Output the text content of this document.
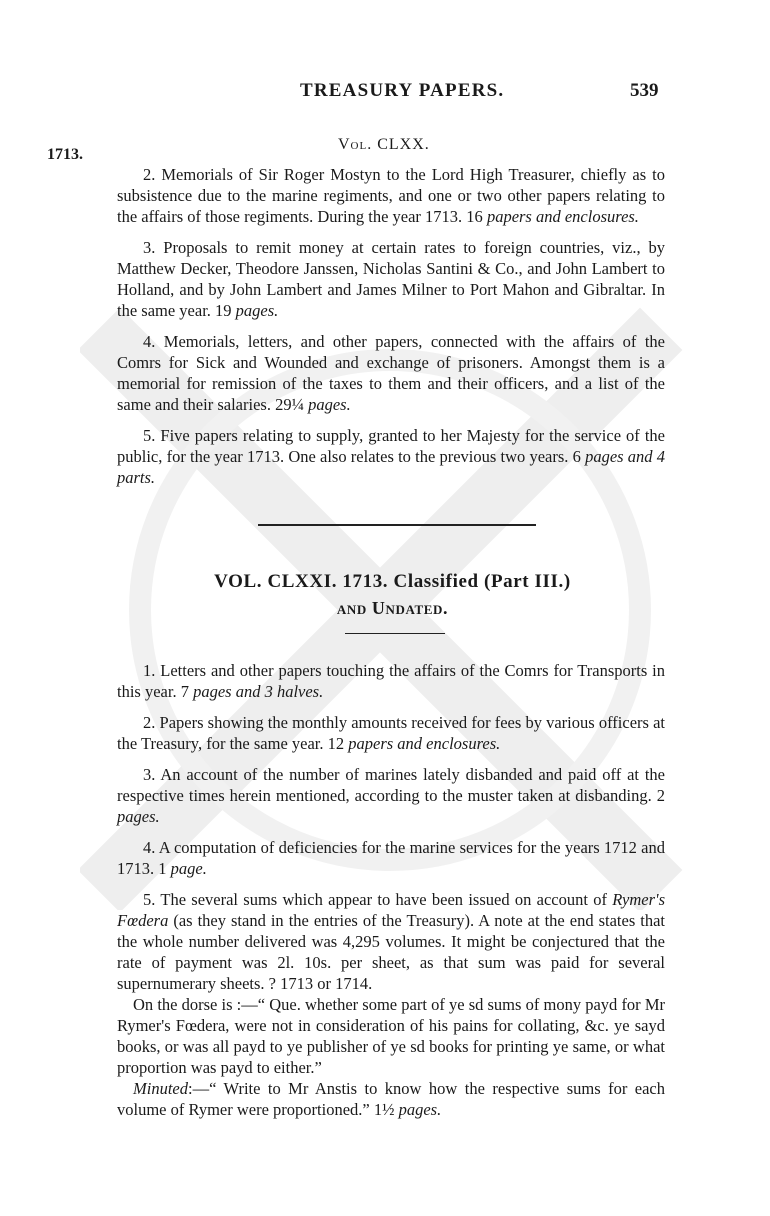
TREASURY PAPERS.	539
1713.
Vol. CLXX.

2. Memorials of Sir Roger Mostyn to the Lord High Treasurer, chiefly as to subsistence due to the marine regiments, and one or two other papers relating to the affairs of those regiments. During the year 1713. 16 papers and enclosures.

3. Proposals to remit money at certain rates to foreign countries, viz., by Matthew Decker, Theodore Janssen, Nicholas Santini & Co., and John Lambert to Holland, and by John Lambert and James Milner to Port Mahon and Gibraltar. In the same year. 19 pages.

4. Memorials, letters, and other papers, connected with the affairs of the Comrs for Sick and Wounded and exchange of prisoners. Amongst them is a memorial for remission of the taxes to them and their officers, and a list of the same and their salaries. 29¼ pages.

5. Five papers relating to supply, granted to her Majesty for the service of the public, for the year 1713. One also relates to the previous two years. 6 pages and 4 parts.

VOL. CLXXI. 1713. Classified (Part III.)
and Undated.

1. Letters and other papers touching the affairs of the Comrs for Transports in this year. 7 pages and 3 halves.

2. Papers showing the monthly amounts received for fees by various officers at the Treasury, for the same year. 12 papers and enclosures.

3. An account of the number of marines lately disbanded and paid off at the respective times herein mentioned, according to the muster taken at disbanding. 2 pages.

4. A computation of deficiencies for the marine services for the years 1712 and 1713. 1 page.

5. The several sums which appear to have been issued on account of Rymer's Fœdera (as they stand in the entries of the Treasury). A note at the end states that the whole number delivered was 4,295 volumes. It might be conjectured that the rate of payment was 2l. 10s. per sheet, as that sum was paid for several supernumerary sheets. ? 1713 or 1714.

On the dorse is :—“ Que. whether some part of ye sd sums of mony payd for Mr Rymer's Fœdera, were not in consideration of his pains for collating, &c. ye sayd books, or was all payd to ye publisher of ye sd books for printing ye same, or what proportion was payd to either.”

Minuted:—“ Write to Mr Anstis to know how the respective sums for each volume of Rymer were proportioned.” 1½ pages.
